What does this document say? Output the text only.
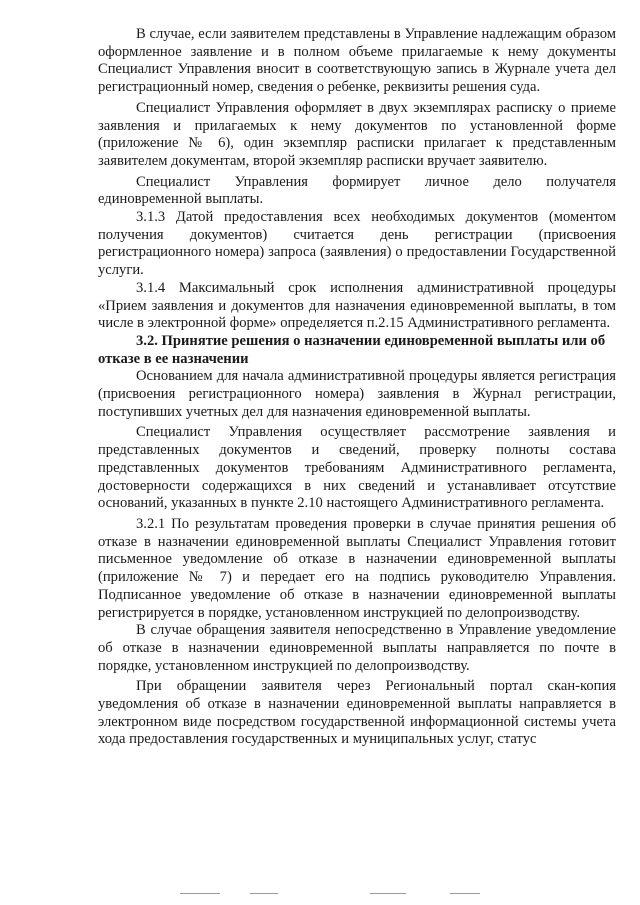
В случае, если заявителем представлены в Управление надлежащим образом оформленное заявление и в полном объеме прилагаемые к нему документы Специалист Управления вносит в соответствующую запись в Журнале учета дел регистрационный номер, сведения о ребенке, реквизиты решения суда.

Специалист Управления оформляет в двух экземплярах расписку о приеме заявления и прилагаемых к нему документов по установленной форме (приложение № 6), один экземпляр расписки прилагает к представленным заявителем документам, второй экземпляр расписки вручает заявителю.

Специалист Управления формирует личное дело получателя единовременной выплаты.

3.1.3 Датой предоставления всех необходимых документов (моментом получения документов) считается день регистрации (присвоения регистрационного номера) запроса (заявления) о предоставлении Государственной услуги.

3.1.4 Максимальный срок исполнения административной процедуры «Прием заявления и документов для назначения единовременной выплаты, в том числе в электронной форме» определяется п.2.15 Административного регламента.

3.2. Принятие решения о назначении единовременной выплаты или об отказе в ее назначении

Основанием для начала административной процедуры является регистрация (присвоения регистрационного номера) заявления в Журнал регистрации, поступивших учетных дел для назначения единовременной выплаты.

Специалист Управления осуществляет рассмотрение заявления и представленных документов и сведений, проверку полноты состава представленных документов требованиям Административного регламента, достоверности содержащихся в них сведений и устанавливает отсутствие оснований, указанных в пункте 2.10 настоящего Административного регламента.

3.2.1 По результатам проведения проверки в случае принятия решения об отказе в назначении единовременной выплаты Специалист Управления готовит письменное уведомление об отказе в назначении единовременной выплаты (приложение № 7) и передает его на подпись руководителю Управления. Подписанное уведомление об отказе в назначении единовременной выплаты регистрируется в порядке, установленном инструкцией по делопроизводству.

В случае обращения заявителя непосредственно в Управление уведомление об отказе в назначении единовременной выплаты направляется по почте в порядке, установленном инструкцией по делопроизводству.

При обращении заявителя через Региональный портал скан-копия уведомления об отказе в назначении единовременной выплаты направляется в электронном виде посредством государственной информационной системы учета хода предоставления государственных и муниципальных услуг, статус
